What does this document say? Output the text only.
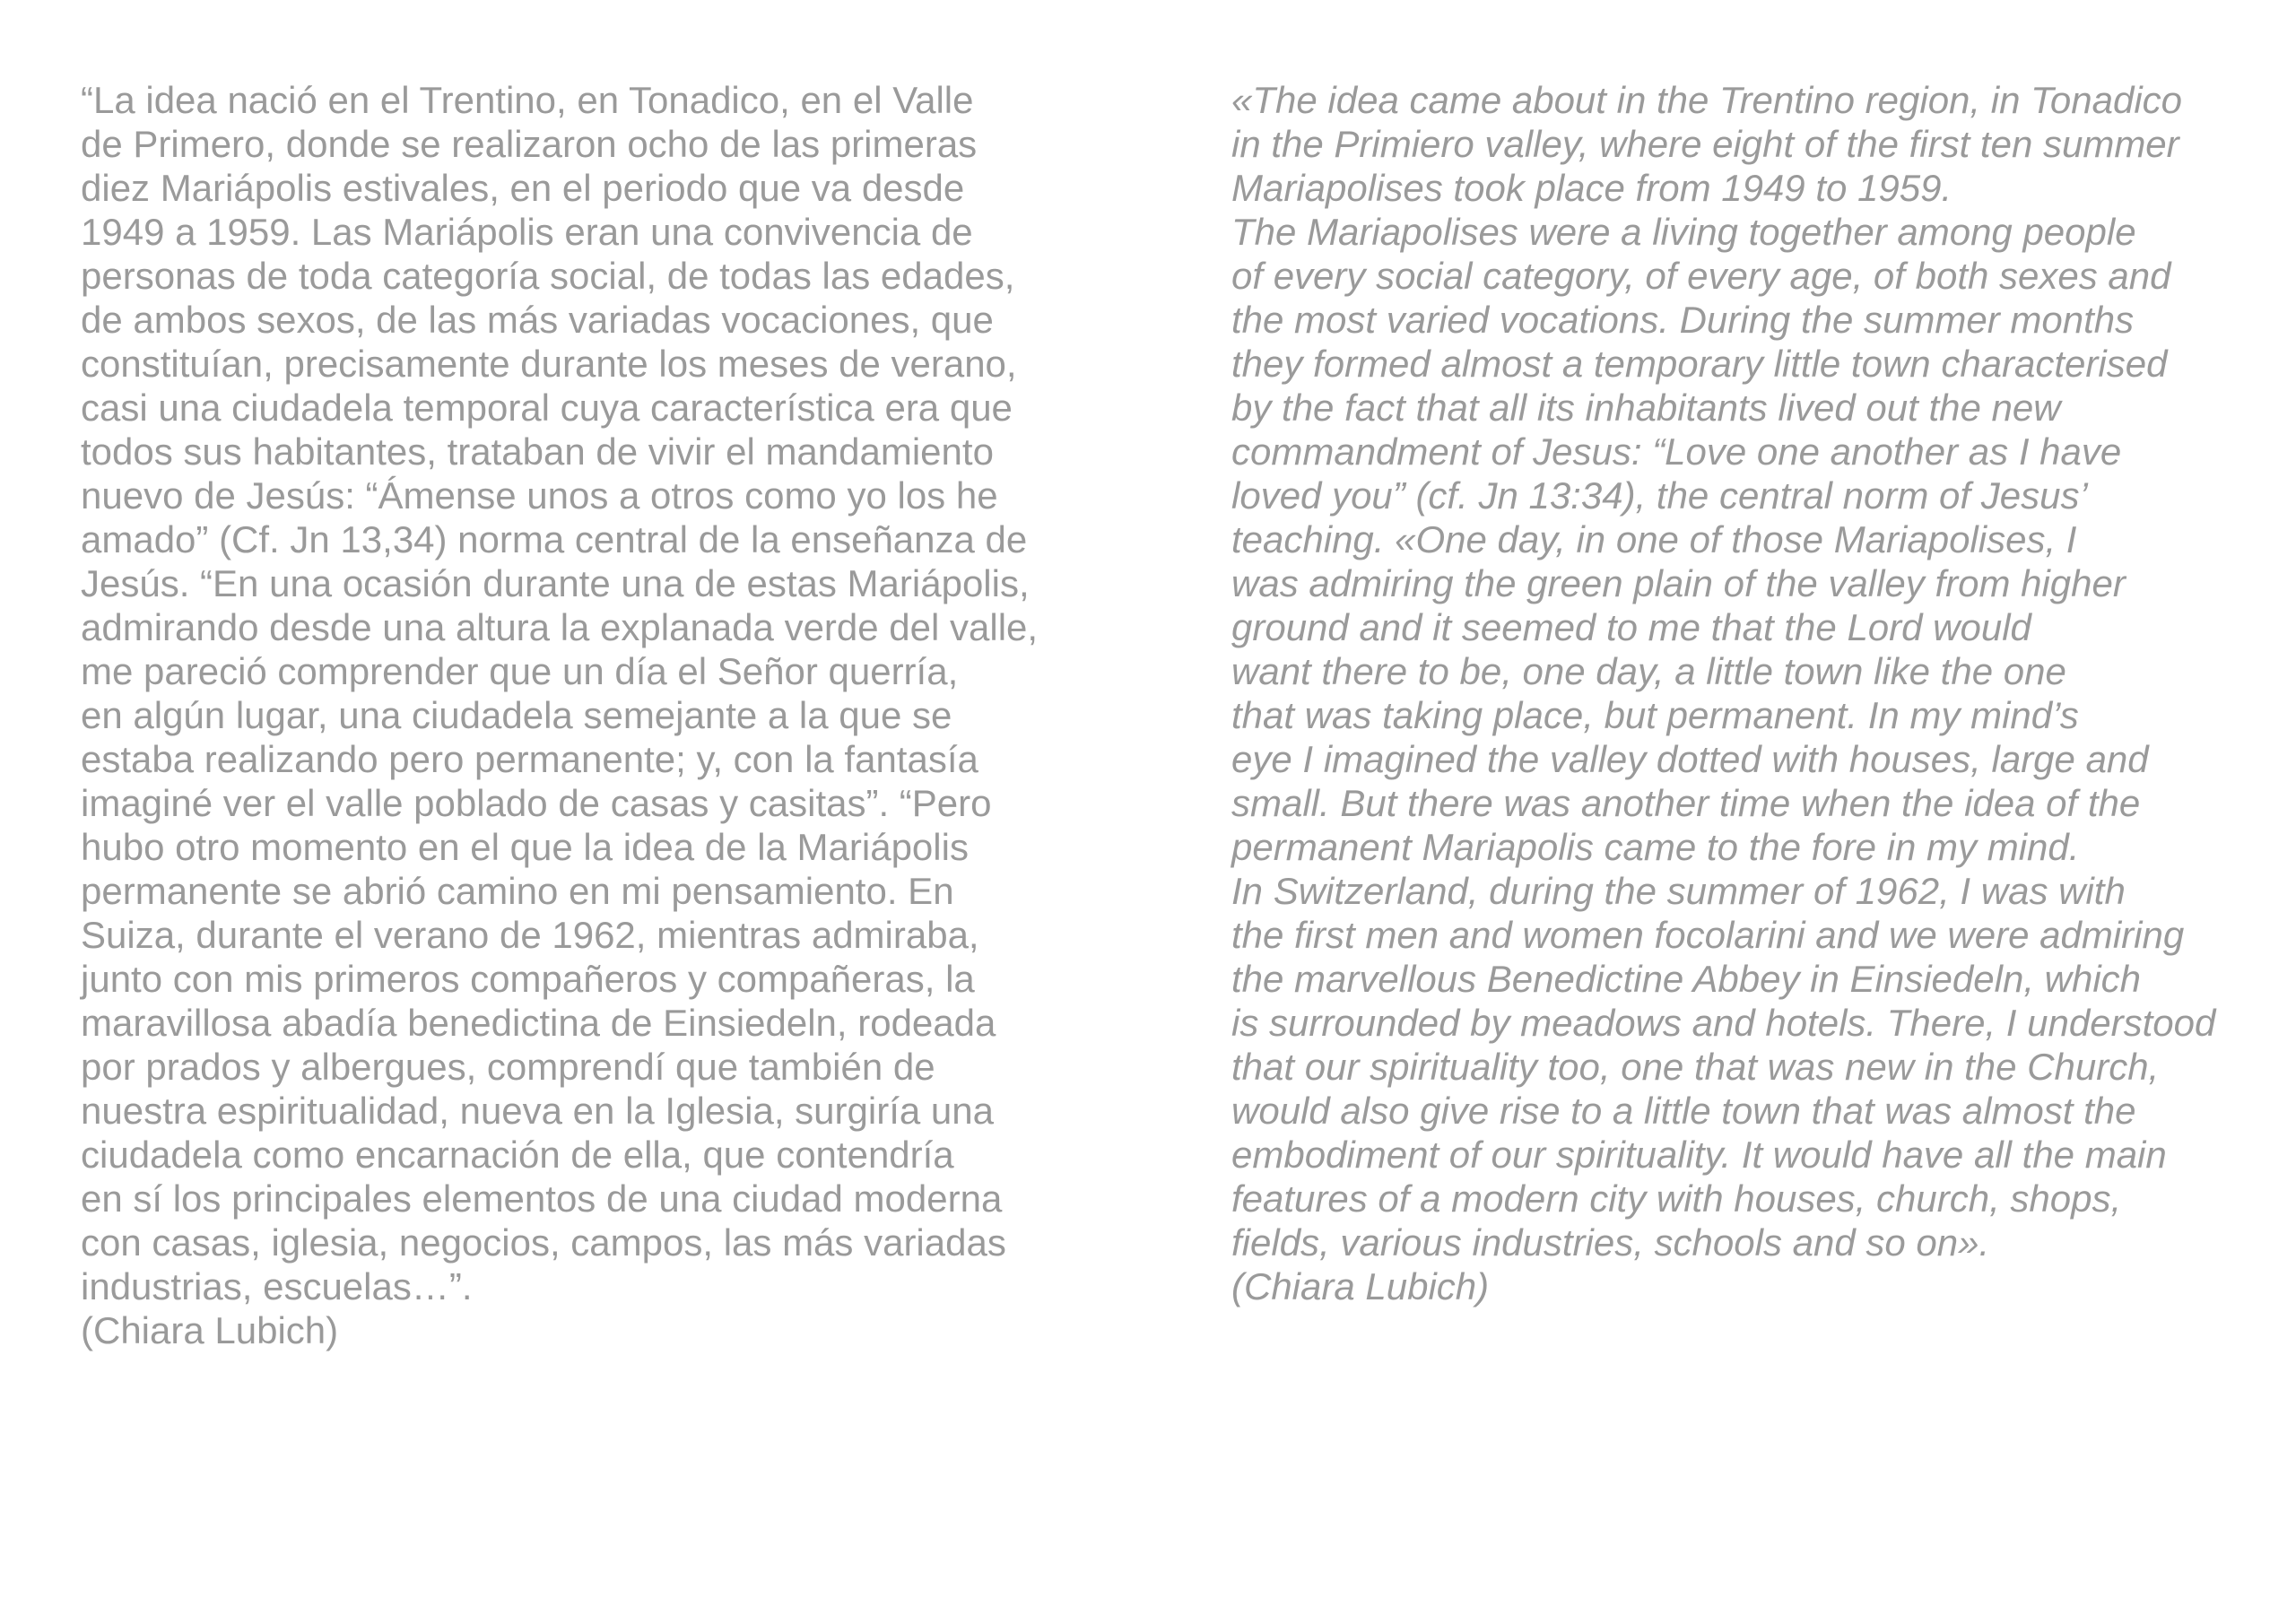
“La idea nació en el Trentino, en Tonadico, en el Valle
de Primero, donde se realizaron ocho de las primeras
diez Mariápolis estivales, en el periodo que va desde
1949 a 1959. Las Mariápolis eran una convivencia de
personas de toda categoría social, de todas las edades,
de ambos sexos, de las más variadas vocaciones, que
constituían, precisamente durante los meses de verano,
casi una ciudadela temporal cuya característica era que
todos sus habitantes, trataban de vivir el mandamiento
nuevo de Jesús: “Ámense unos a otros como yo los he
amado” (Cf. Jn 13,34) norma central de la enseñanza de
Jesús. “En una ocasión durante una de estas Mariápolis,
admirando desde una altura la explanada verde del valle,
me pareció comprender que un día el Señor querría,
en algún lugar, una ciudadela semejante a la que se
estaba realizando pero permanente; y, con la fantasía
imaginé ver el valle poblado de casas y casitas”. “Pero
hubo otro momento en el que la idea de la Mariápolis
permanente se abrió camino en mi pensamiento. En
Suiza, durante el verano de 1962, mientras admiraba,
junto con mis primeros compañeros y compañeras, la
maravillosa abadía benedictina de Einsiedeln, rodeada
por prados y albergues, comprendí que también de
nuestra espiritualidad, nueva en la Iglesia, surgiría una
ciudadela como encarnación de ella, que contendría
en sí los principales elementos de una ciudad moderna
con casas, iglesia, negocios, campos, las más variadas
industrias, escuelas…”.
(Chiara Lubich)
«The idea came about in the Trentino region, in Tonadico
in the Primiero valley, where eight of the first ten summer
Mariapolises took place from 1949 to 1959.
The Mariapolises were a living together among people
of every social category, of every age, of both sexes and
the most varied vocations. During the summer months
they formed almost a temporary little town characterised
by the fact that all its inhabitants lived out the new
commandment of Jesus: “Love one another as I have
loved you” (cf. Jn 13:34), the central norm of Jesus’
teaching. «One day, in one of those Mariapolises, I
was admiring the green plain of the valley from higher
ground and it seemed to me that the Lord would
want there to be, one day, a little town like the one
that was taking place, but permanent. In my mind’s
eye I imagined the valley dotted with houses, large and
small. But there was another time when the idea of the
permanent Mariapolis came to the fore in my mind.
In Switzerland, during the summer of 1962, I was with
the first men and women focolarini and we were admiring
the marvellous Benedictine Abbey in Einsiedeln, which
is surrounded by meadows and hotels. There, I understood
that our spirituality too, one that was new in the Church,
would also give rise to a little town that was almost the
embodiment of our spirituality. It would have all the main
features of a modern city with houses, church, shops,
fields, various industries, schools and so on».
(Chiara Lubich)
